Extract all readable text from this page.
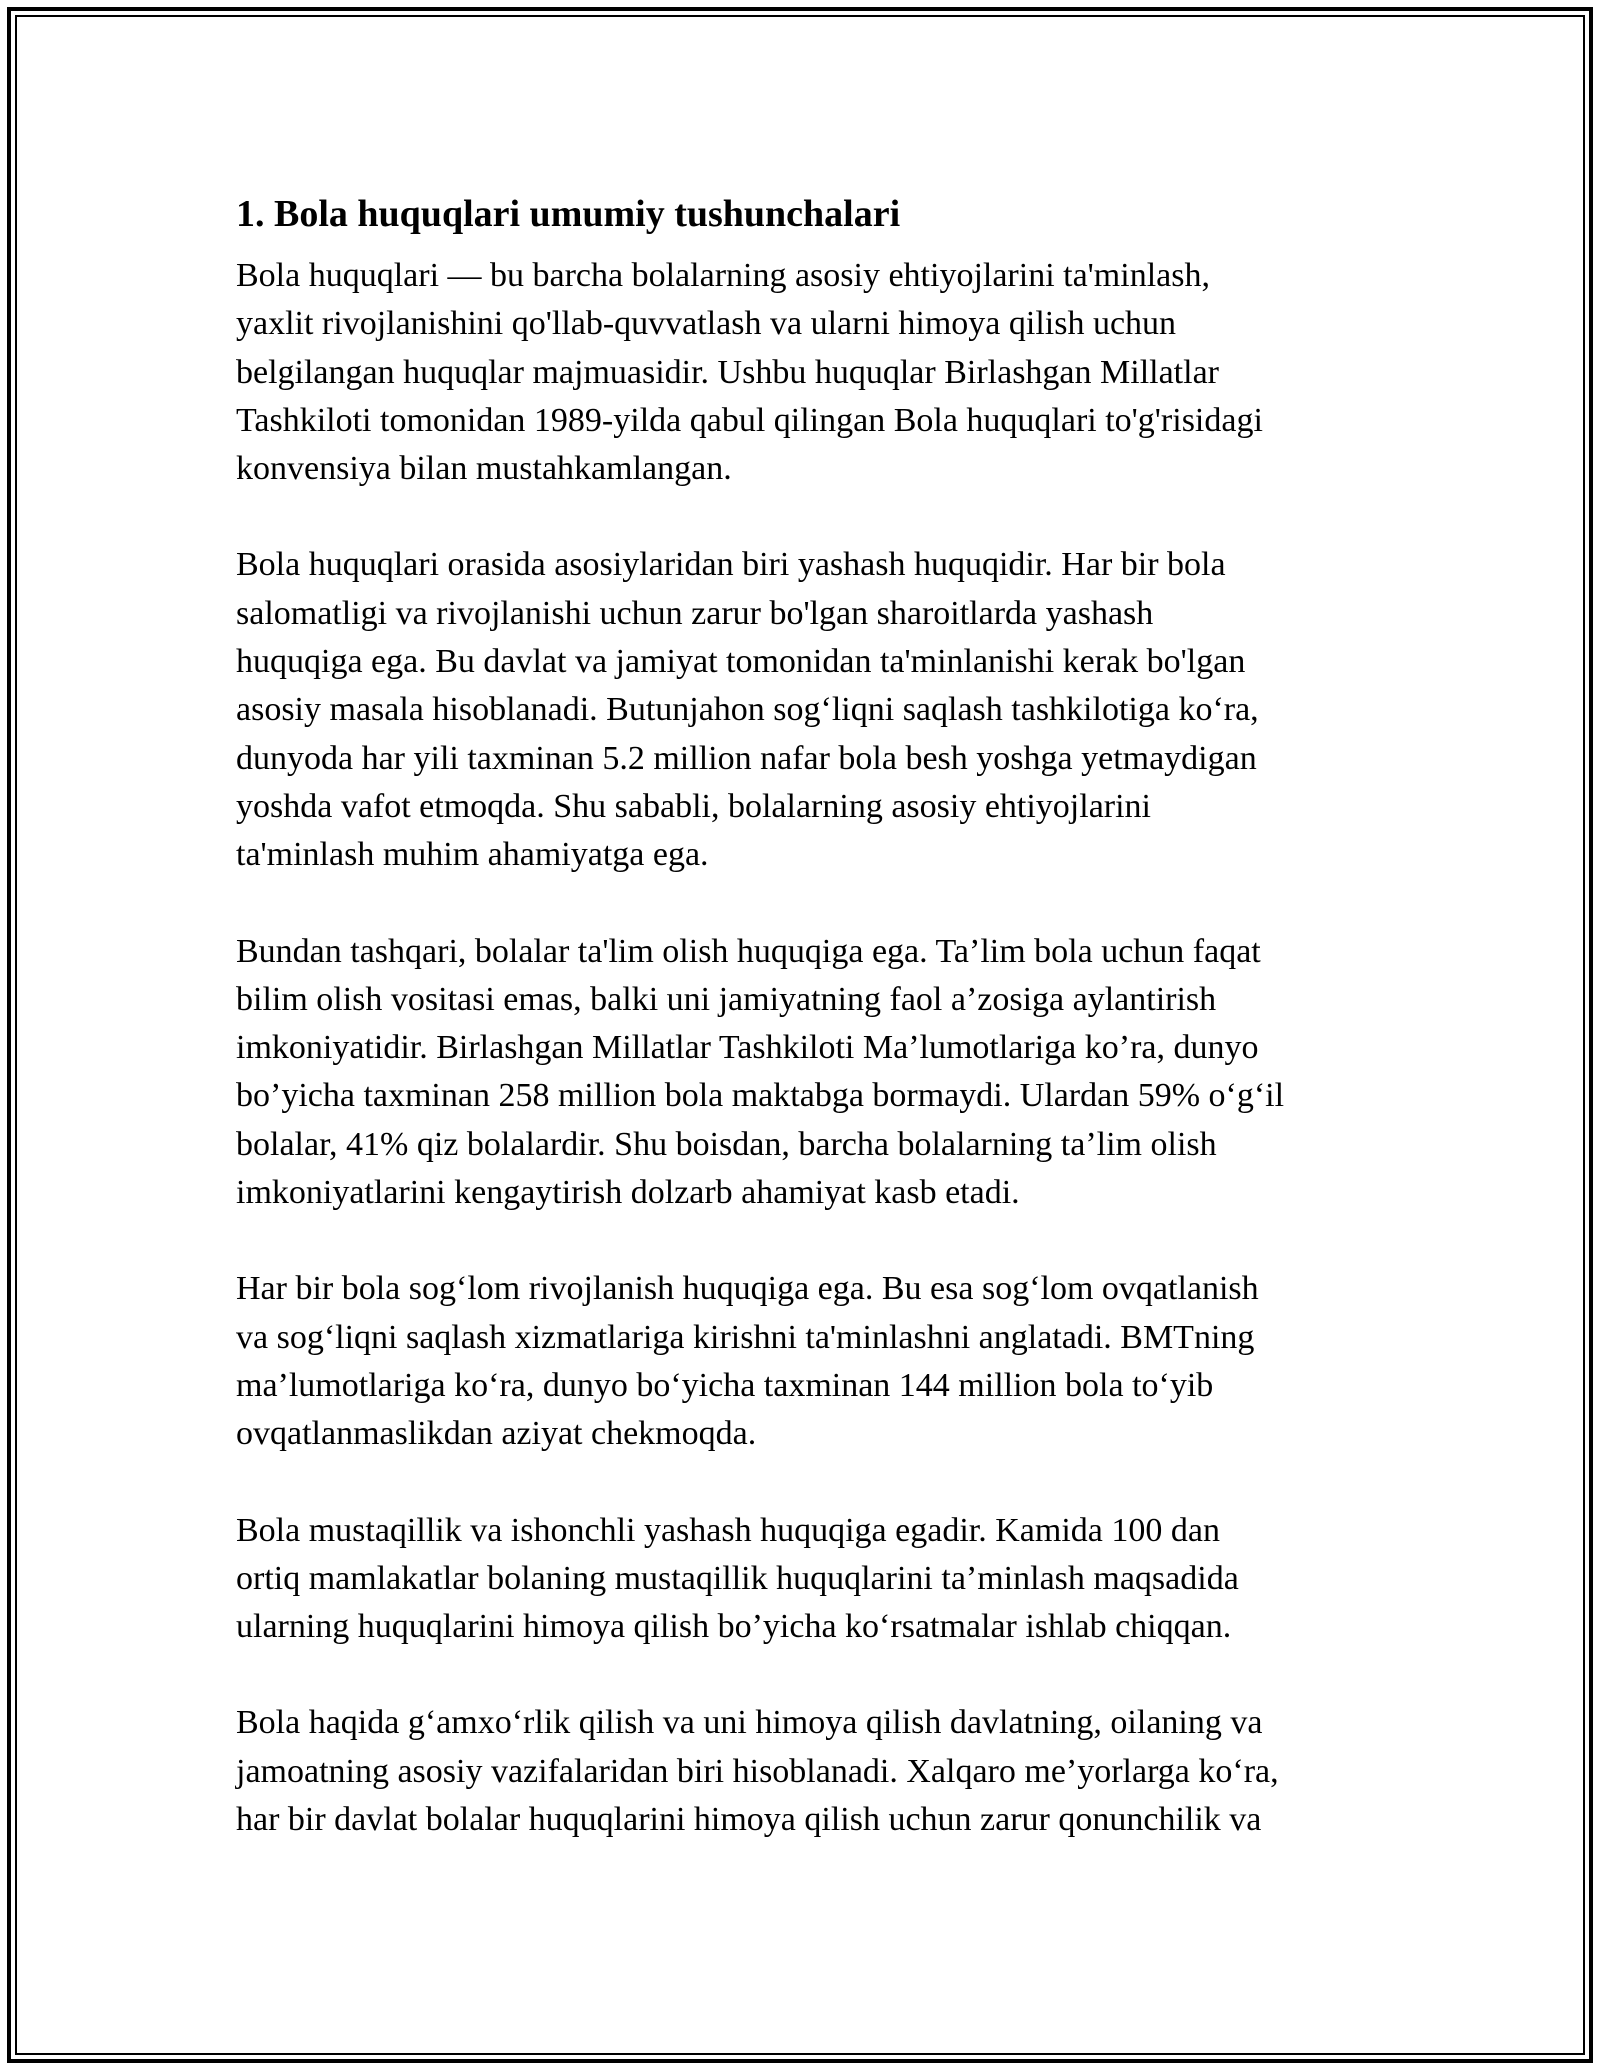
1. Bola huquqlari umumiy tushunchalari

Bola huquqlari — bu barcha bolalarning asosiy ehtiyojlarini ta'minlash,
yaxlit rivojlanishini qo'llab-quvvatlash va ularni himoya qilish uchun
belgilangan huquqlar majmuasidir. Ushbu huquqlar Birlashgan Millatlar
Tashkiloti tomonidan 1989-yilda qabul qilingan Bola huquqlari to'g'risidagi
konvensiya bilan mustahkamlangan.

Bola huquqlari orasida asosiylaridan biri yashash huquqidir. Har bir bola
salomatligi va rivojlanishi uchun zarur bo'lgan sharoitlarda yashash
huquqiga ega. Bu davlat va jamiyat tomonidan ta'minlanishi kerak bo'lgan
asosiy masala hisoblanadi. Butunjahon sog‘liqni saqlash tashkilotiga ko‘ra,
dunyoda har yili taxminan 5.2 million nafar bola besh yoshga yetmaydigan
yoshda vafot etmoqda. Shu sababli, bolalarning asosiy ehtiyojlarini
ta'minlash muhim ahamiyatga ega.

Bundan tashqari, bolalar ta'lim olish huquqiga ega. Ta’lim bola uchun faqat
bilim olish vositasi emas, balki uni jamiyatning faol a’zosiga aylantirish
imkoniyatidir. Birlashgan Millatlar Tashkiloti Ma’lumotlariga ko’ra, dunyo
bo’yicha taxminan 258 million bola maktabga bormaydi. Ulardan 59% o‘g‘il
bolalar, 41% qiz bolalardir. Shu boisdan, barcha bolalarning ta’lim olish
imkoniyatlarini kengaytirish dolzarb ahamiyat kasb etadi.

Har bir bola sog‘lom rivojlanish huquqiga ega. Bu esa sog‘lom ovqatlanish
va sog‘liqni saqlash xizmatlariga kirishni ta'minlashni anglatadi. BMTning
ma’lumotlariga ko‘ra, dunyo bo‘yicha taxminan 144 million bola to‘yib
ovqatlanmaslikdan aziyat chekmoqda.

Bola mustaqillik va ishonchli yashash huquqiga egadir. Kamida 100 dan
ortiq mamlakatlar bolaning mustaqillik huquqlarini ta’minlash maqsadida
ularning huquqlarini himoya qilish bo’yicha ko‘rsatmalar ishlab chiqqan.

Bola haqida g‘amxo‘rlik qilish va uni himoya qilish davlatning, oilaning va
jamoatning asosiy vazifalaridan biri hisoblanadi. Xalqaro me’yorlarga ko‘ra,
har bir davlat bolalar huquqlarini himoya qilish uchun zarur qonunchilik va
